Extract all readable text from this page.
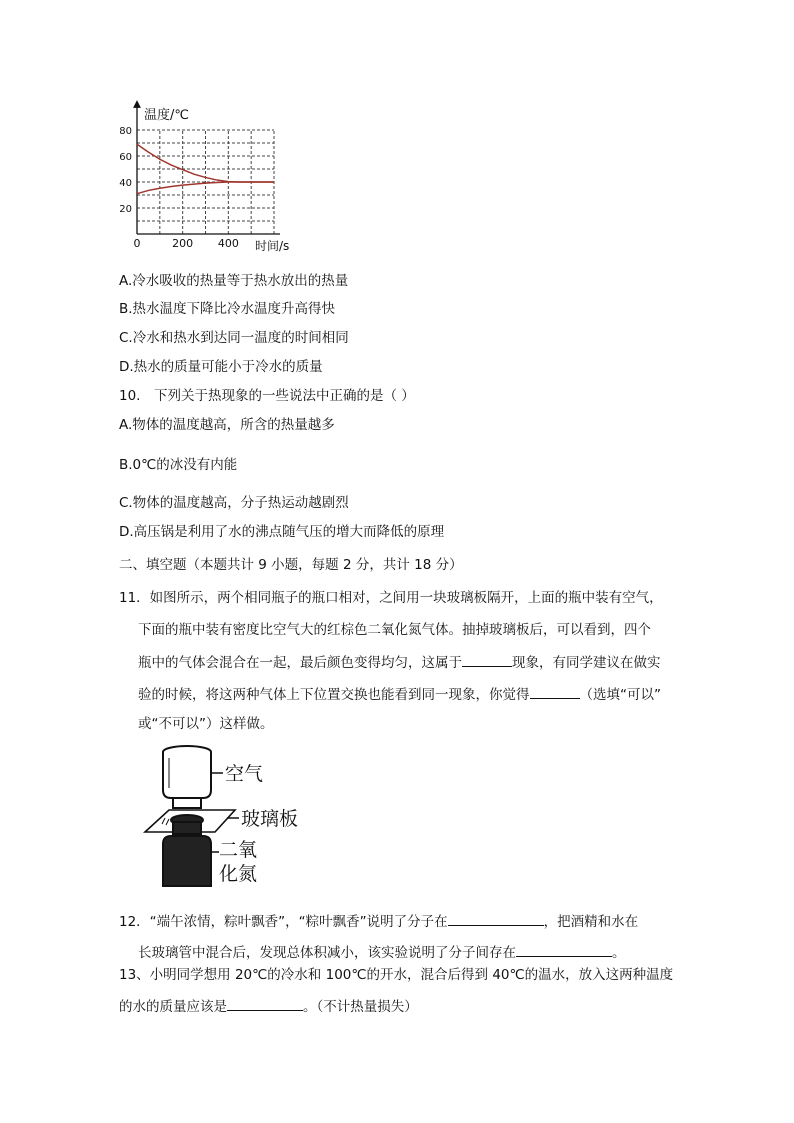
温度/℃
时间/s
20
40
60
80
0	200 400
A.冷水吸收的热量等于热水放出的热量
B.热水温度下降比冷水温度升高得快
C.冷水和热水到达同一温度的时间相同
D.热水的质量可能小于冷水的质量
10.　下列关于热现象的一些说法中正确的是（ ）
A.物体的温度越高，所含的热量越多
B.0℃的冰没有内能
C.物体的温度越高，分子热运动越剧烈
D.高压锅是利用了水的沸点随气压的增大而降低的原理
二、填空题（本题共计 9 小题，每题 2 分，共计 18 分）
11．如图所示，两个相同瓶子的瓶口相对，之间用一块玻璃板隔开，上面的瓶中装有空气，
下面的瓶中装有密度比空气大的红棕色二氧化氮气体。抽掉玻璃板后，可以看到，四个
瓶中的气体会混合在一起，最后颜色变得均匀，这属于	现象，有同学建议在做实
验的时候，将这两种气体上下位置交换也能看到同一现象，你觉得	（选填“可以”
或“不可以”）这样做。
空气
玻璃板
二氧
化氮
12．“端午浓情，粽叶飘香”，“粽叶飘香”说明了分子在	，把酒精和水在
长玻璃管中混合后，发现总体积减小，该实验说明了分子间存在	。
13、小明同学想用 20℃的冷水和 100℃的开水，混合后得到 40℃的温水，放入这两种温度
的水的质量应该是	。（不计热量损失）
